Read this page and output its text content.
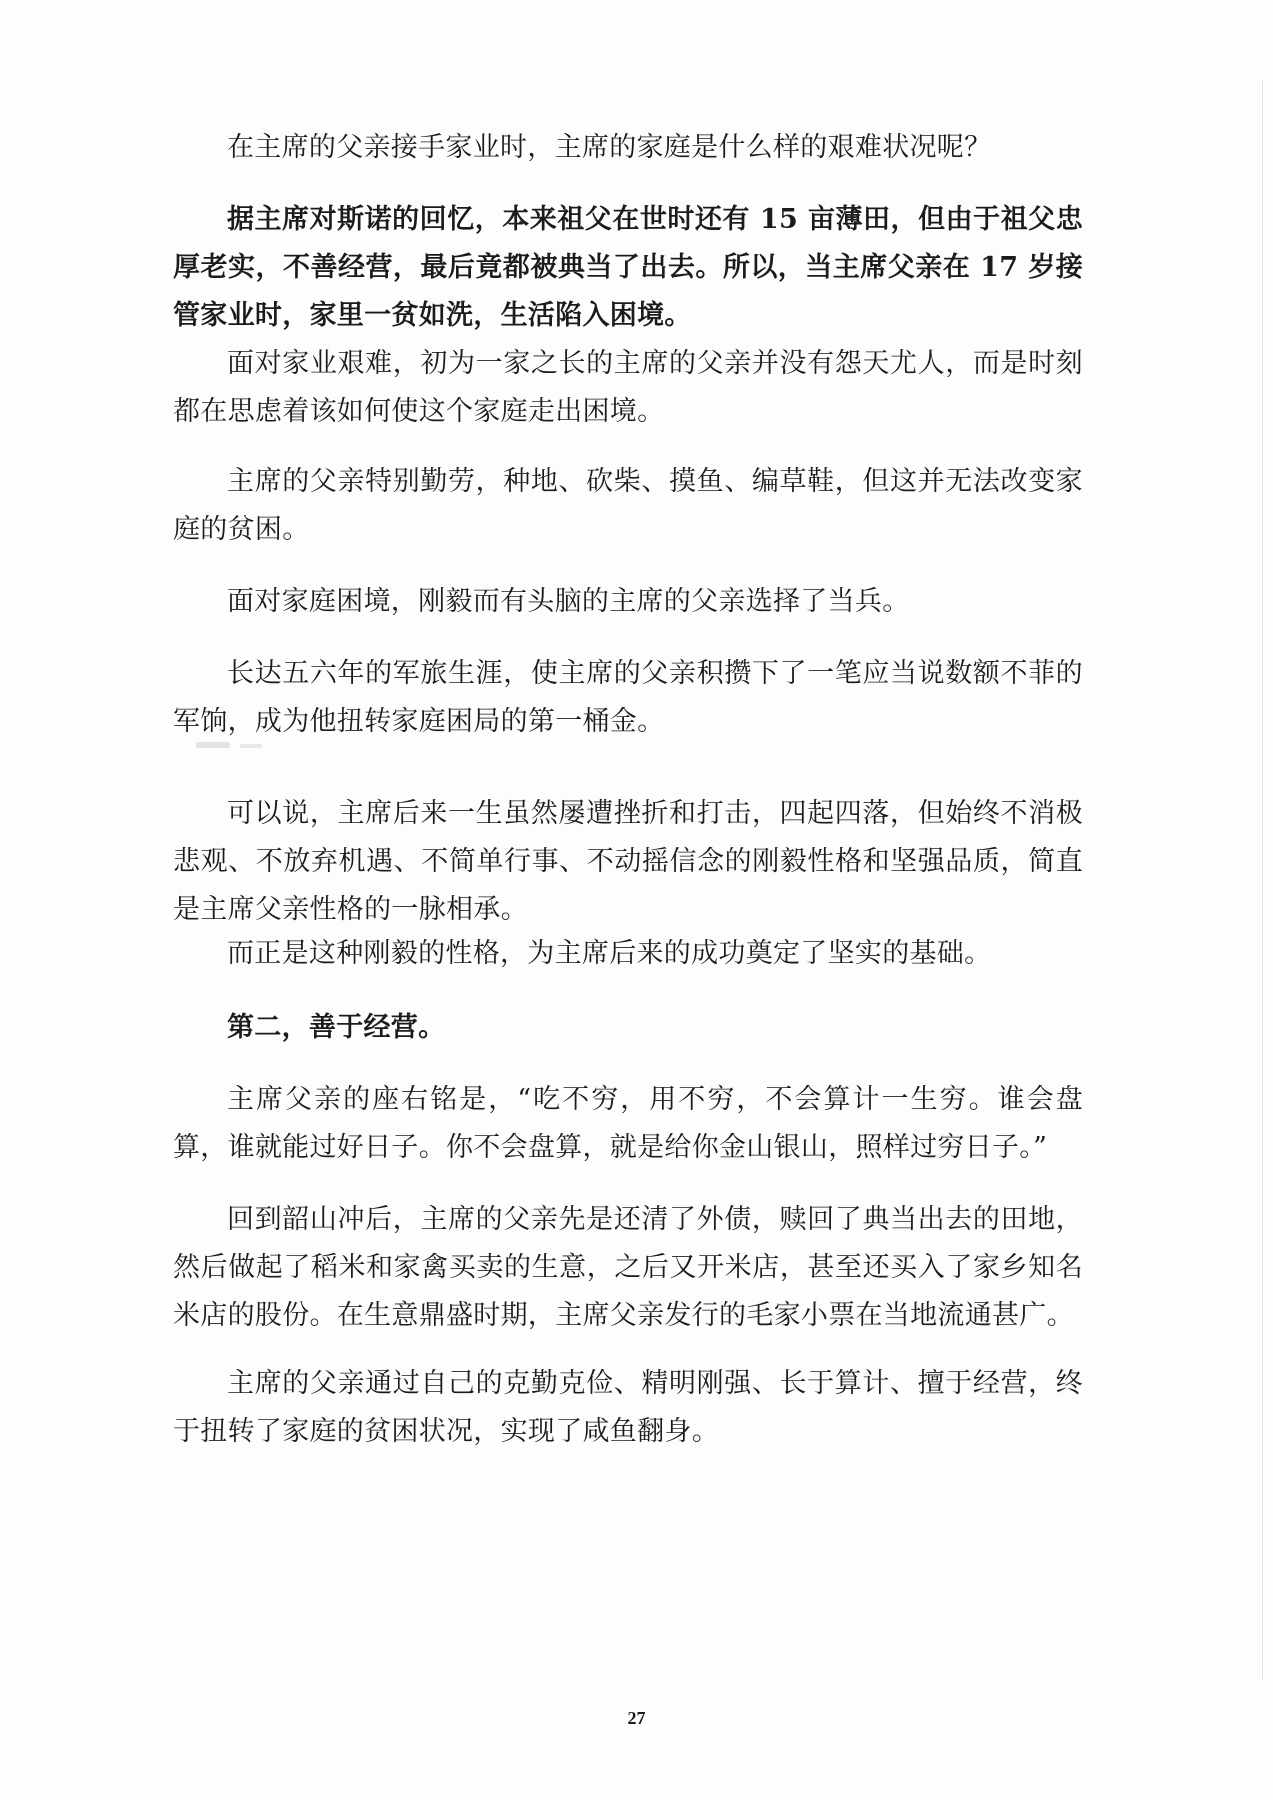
在主席的父亲接手家业时，主席的家庭是什么样的艰难状况呢？

据主席对斯诺的回忆，本来祖父在世时还有 15 亩薄田，但由于祖父忠厚老实，不善经营，最后竟都被典当了出去。所以，当主席父亲在 17 岁接管家业时，家里一贫如洗，生活陷入困境。

面对家业艰难，初为一家之长的主席的父亲并没有怨天尤人，而是时刻都在思虑着该如何使这个家庭走出困境。

主席的父亲特别勤劳，种地、砍柴、摸鱼、编草鞋，但这并无法改变家庭的贫困。

面对家庭困境，刚毅而有头脑的主席的父亲选择了当兵。

长达五六年的军旅生涯，使主席的父亲积攒下了一笔应当说数额不菲的军饷，成为他扭转家庭困局的第一桶金。

可以说，主席后来一生虽然屡遭挫折和打击，四起四落，但始终不消极悲观、不放弃机遇、不简单行事、不动摇信念的刚毅性格和坚强品质，简直是主席父亲性格的一脉相承。

而正是这种刚毅的性格，为主席后来的成功奠定了坚实的基础。

第二，善于经营。

主席父亲的座右铭是，“吃不穷，用不穷，不会算计一生穷。谁会盘算，谁就能过好日子。你不会盘算，就是给你金山银山，照样过穷日子。”

回到韶山冲后，主席的父亲先是还清了外债，赎回了典当出去的田地，然后做起了稻米和家禽买卖的生意，之后又开米店，甚至还买入了家乡知名米店的股份。在生意鼎盛时期，主席父亲发行的毛家小票在当地流通甚广。

主席的父亲通过自己的克勤克俭、精明刚强、长于算计、擅于经营，终于扭转了家庭的贫困状况，实现了咸鱼翻身。

27
